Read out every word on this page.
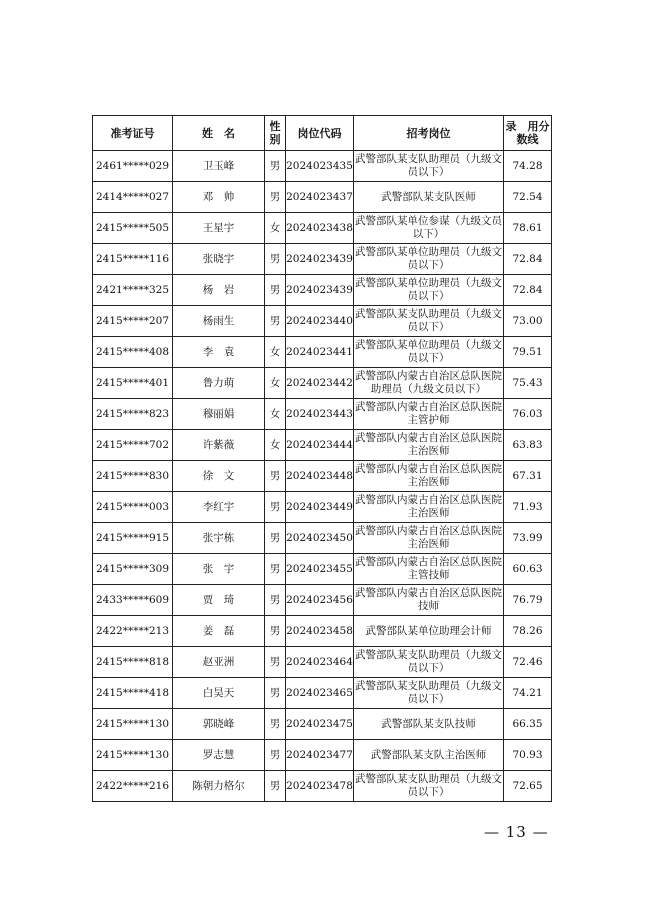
准考证号	姓　名	性别	岗位代码	招考岗位	录　用分数线
2461*****029	卫玉峰	男	2024023435	武警部队某支队助理员（九级文员以下）	74.28
2414*****027	邓　帅	男	2024023437	武警部队某支队医师	72.54
2415*****505	王星宇	女	2024023438	武警部队某单位参谋（九级文员以下）	78.61
2415*****116	张晓宇	男	2024023439	武警部队某单位助理员（九级文员以下）	72.84
2421*****325	杨　岩	男	2024023439	武警部队某单位助理员（九级文员以下）	72.84
2415*****207	杨雨生	男	2024023440	武警部队某支队助理员（九级文员以下）	73.00
2415*****408	李　袁	女	2024023441	武警部队某单位助理员（九级文员以下）	79.51
2415*****401	鲁力萌	女	2024023442	武警部队内蒙古自治区总队医院助理员（九级文员以下）	75.43
2415*****823	穆丽娟	女	2024023443	武警部队内蒙古自治区总队医院主管护师	76.03
2415*****702	许紫薇	女	2024023444	武警部队内蒙古自治区总队医院主治医师	63.83
2415*****830	徐　文	男	2024023448	武警部队内蒙古自治区总队医院主治医师	67.31
2415*****003	李红宇	男	2024023449	武警部队内蒙古自治区总队医院主治医师	71.93
2415*****915	张宇栋	男	2024023450	武警部队内蒙古自治区总队医院主治医师	73.99
2415*****309	张　宇	男	2024023455	武警部队内蒙古自治区总队医院主管技师	60.63
2433*****609	贾　琦	男	2024023456	武警部队内蒙古自治区总队医院技师	76.79
2422*****213	姜　磊	男	2024023458	武警部队某单位助理会计师	78.26
2415*****818	赵亚洲	男	2024023464	武警部队某支队助理员（九级文员以下）	72.46
2415*****418	白昊天	男	2024023465	武警部队某支队助理员（九级文员以下）	74.21
2415*****130	郭晓峰	男	2024023475	武警部队某支队技师	66.35
2415*****130	罗志慧	男	2024023477	武警部队某支队主治医师	70.93
2422*****216	陈朝力格尔	男	2024023478	武警部队某支队助理员（九级文员以下）	72.65
— 13 —
